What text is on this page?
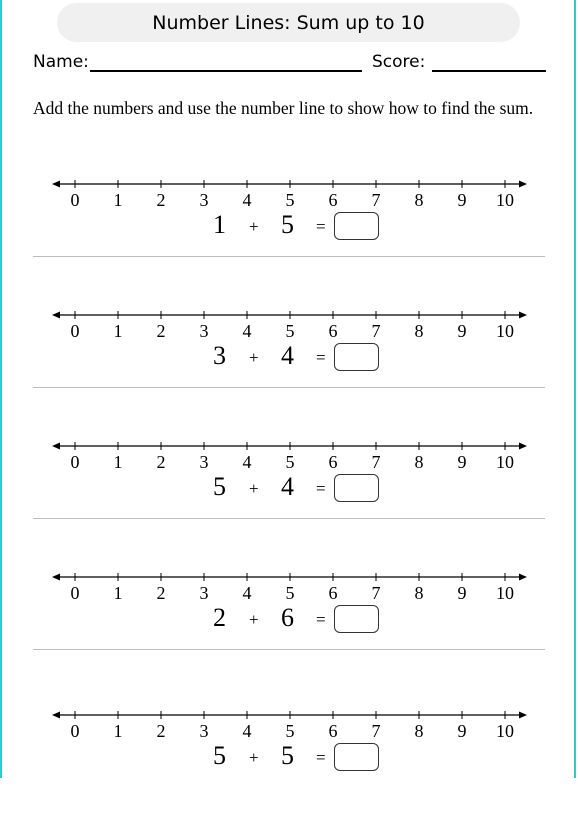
Number Lines: Sum up to 10
Name:	Score:
Add the numbers and use the number line to show how to find the sum.
0 1 2 3 4 5 6 7 8 9 10
1 + 5 =
0 1 2 3 4 5 6 7 8 9 10
3 + 4 =
0 1 2 3 4 5 6 7 8 9 10
5 + 4 =
0 1 2 3 4 5 6 7 8 9 10
2 + 6 =
0 1 2 3 4 5 6 7 8 9 10
5 + 5 =
